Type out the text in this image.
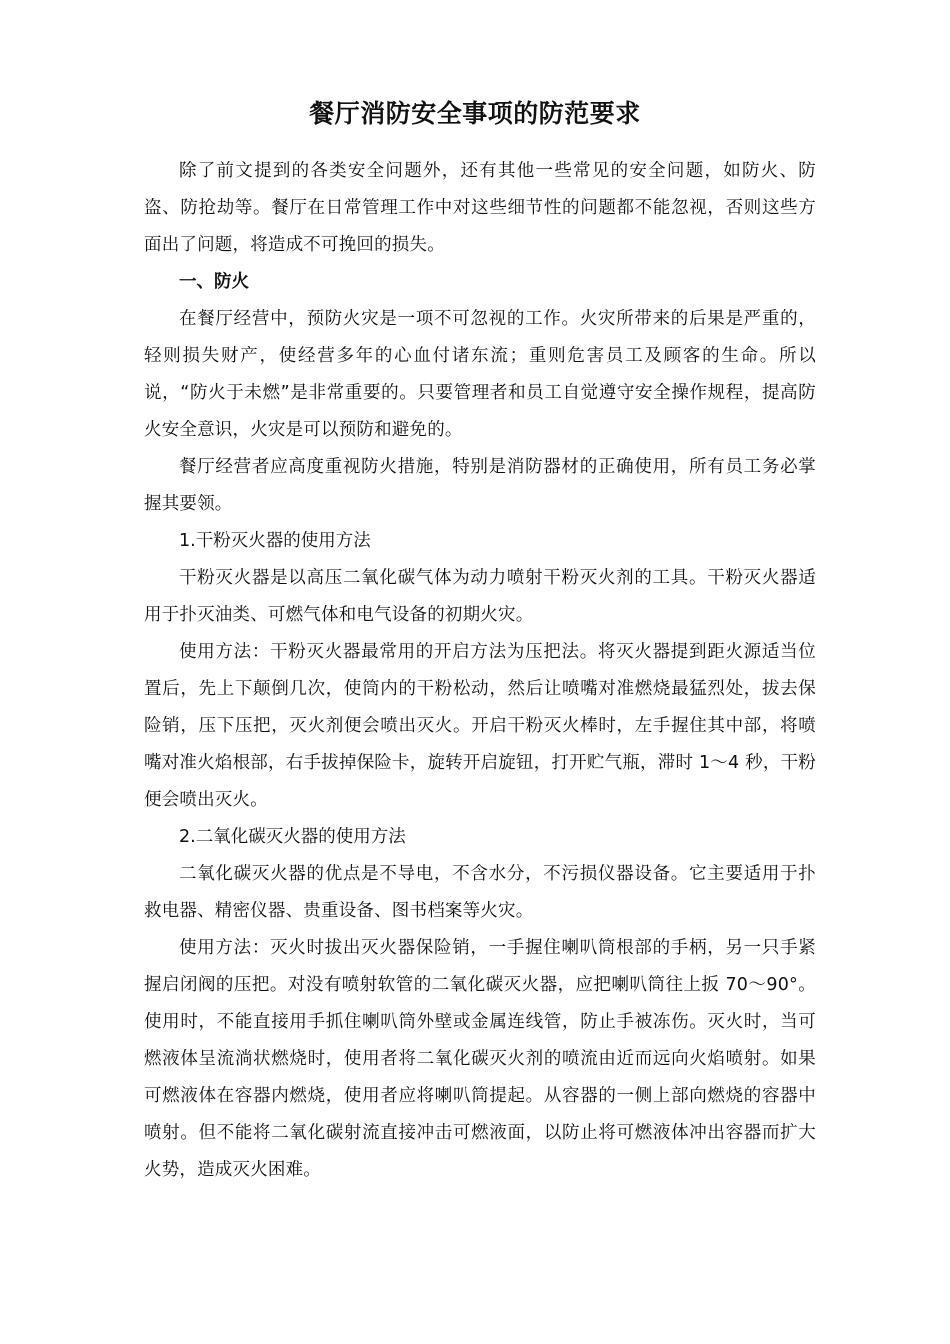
餐厅消防安全事项的防范要求

除了前文提到的各类安全问题外，还有其他一些常见的安全问题，如防火、防盗、防抢劫等。餐厅在日常管理工作中对这些细节性的问题都不能忽视，否则这些方面出了问题，将造成不可挽回的损失。

一、防火

在餐厅经营中，预防火灾是一项不可忽视的工作。火灾所带来的后果是严重的，轻则损失财产，使经营多年的心血付诸东流；重则危害员工及顾客的生命。所以说，“防火于未燃”是非常重要的。只要管理者和员工自觉遵守安全操作规程，提高防火安全意识，火灾是可以预防和避免的。

餐厅经营者应高度重视防火措施，特别是消防器材的正确使用，所有员工务必掌握其要领。

1.干粉灭火器的使用方法

干粉灭火器是以高压二氧化碳气体为动力喷射干粉灭火剂的工具。干粉灭火器适用于扑灭油类、可燃气体和电气设备的初期火灾。

使用方法：干粉灭火器最常用的开启方法为压把法。将灭火器提到距火源适当位置后，先上下颠倒几次，使筒内的干粉松动，然后让喷嘴对准燃烧最猛烈处，拔去保险销，压下压把，灭火剂便会喷出灭火。开启干粉灭火棒时，左手握住其中部，将喷嘴对准火焰根部，右手拔掉保险卡，旋转开启旋钮，打开贮气瓶，滞时 1～4 秒，干粉便会喷出灭火。

2.二氧化碳灭火器的使用方法

二氧化碳灭火器的优点是不导电，不含水分，不污损仪器设备。它主要适用于扑救电器、精密仪器、贵重设备、图书档案等火灾。

使用方法：灭火时拔出灭火器保险销，一手握住喇叭筒根部的手柄，另一只手紧握启闭阀的压把。对没有喷射软管的二氧化碳灭火器，应把喇叭筒往上扳 70～90°。使用时，不能直接用手抓住喇叭筒外壁或金属连线管，防止手被冻伤。灭火时，当可燃液体呈流淌状燃烧时，使用者将二氧化碳灭火剂的喷流由近而远向火焰喷射。如果可燃液体在容器内燃烧，使用者应将喇叭筒提起。从容器的一侧上部向燃烧的容器中喷射。但不能将二氧化碳射流直接冲击可燃液面，以防止将可燃液体冲出容器而扩大火势，造成灭火困难。
